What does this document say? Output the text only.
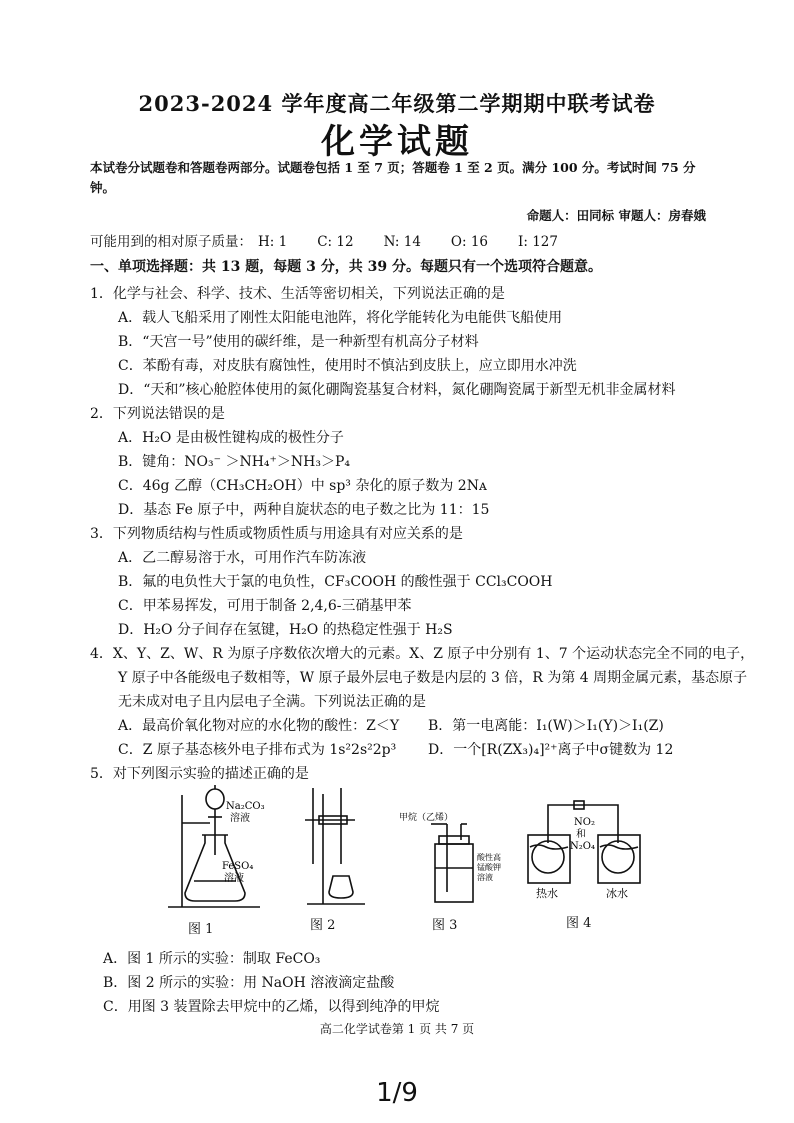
2023-2024 学年度高二年级第二学期期中联考试卷
化学试题
本试卷分试题卷和答题卷两部分。试题卷包括 1 至 7 页；答题卷 1 至 2 页。满分 100 分。考试时间 75 分钟。
命题人：田同标 审题人：房春娥
可能用到的相对原子质量： H: 1 C: 12 N: 14 O: 16 I: 127
一、单项选择题：共 13 题，每题 3 分，共 39 分。每题只有一个选项符合题意。
1．化学与社会、科学、技术、生活等密切相关，下列说法正确的是
A．载人飞船采用了刚性太阳能电池阵，将化学能转化为电能供飞船使用
B．“天宫一号”使用的碳纤维，是一种新型有机高分子材料
C．苯酚有毒，对皮肤有腐蚀性，使用时不慎沾到皮肤上，应立即用水冲洗
D．“天和”核心舱腔体使用的氮化硼陶瓷基复合材料，氮化硼陶瓷属于新型无机非金属材料
2．下列说法错误的是
A．H₂O 是由极性键构成的极性分子
B．键角：NO₃⁻ ＞NH₄⁺＞NH₃＞P₄
C．46g 乙醇（CH₃CH₂OH）中 sp³ 杂化的原子数为 2Nᴀ
D．基态 Fe 原子中，两种自旋状态的电子数之比为 11：15
3．下列物质结构与性质或物质性质与用途具有对应关系的是
A．乙二醇易溶于水，可用作汽车防冻液
B．氟的电负性大于氯的电负性，CF₃COOH 的酸性强于 CCl₃COOH
C．甲苯易挥发，可用于制备 2,4,6-三硝基甲苯
D．H₂O 分子间存在氢键，H₂O 的热稳定性强于 H₂S
4．X、Y、Z、W、R 为原子序数依次增大的元素。X、Z 原子中分别有 1、7 个运动状态完全不同的电子，
Y 原子中各能级电子数相等，W 原子最外层电子数是内层的 3 倍，R 为第 4 周期金属元素，基态原子
无未成对电子且内层电子全满。下列说法正确的是
A．最高价氧化物对应的水化物的酸性：Z＜Y B．第一电离能：I₁(W)＞I₁(Y)＞I₁(Z)
C．Z 原子基态核外电子排布式为 1s²2s²2p³ D．一个[R(ZX₃)₄]²⁺离子中σ键数为 12
5．对下列图示实验的描述正确的是
Na₂CO₃
溶液
FeSO₄
溶液
甲烷（乙烯）
酸性高
锰酸钾
溶液
NO₂
和
N₂O₄
热水	冰水
图 1	图 2	图 3	图 4
A．图 1 所示的实验：制取 FeCO₃
B．图 2 所示的实验：用 NaOH 溶液滴定盐酸
C．用图 3 装置除去甲烷中的乙烯，以得到纯净的甲烷
高二化学试卷第 1 页 共 7 页
1/9
